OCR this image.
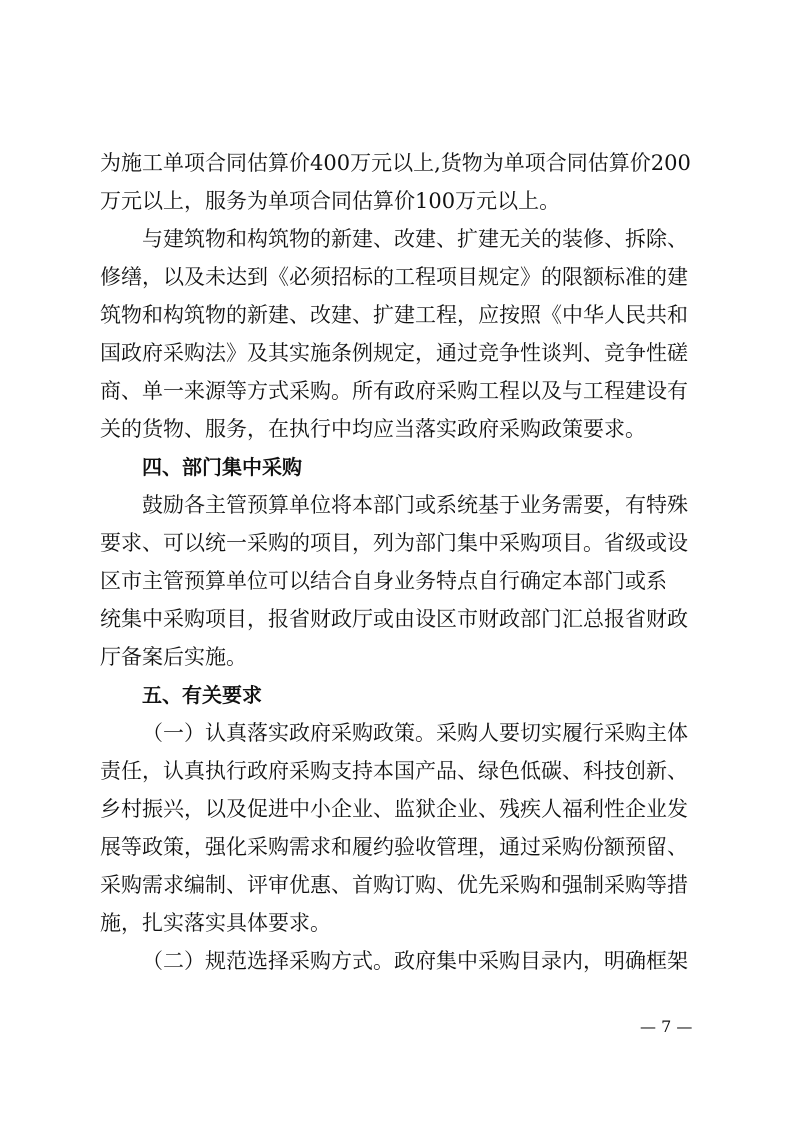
为施工单项合同估算价400万元以上,货物为单项合同估算价200
万元以上，服务为单项合同估算价100万元以上。
与建筑物和构筑物的新建、改建、扩建无关的装修、拆除、
修缮，以及未达到《必须招标的工程项目规定》的限额标准的建
筑物和构筑物的新建、改建、扩建工程，应按照《中华人民共和
国政府采购法》及其实施条例规定，通过竞争性谈判、竞争性磋
商、单一来源等方式采购。所有政府采购工程以及与工程建设有
关的货物、服务，在执行中均应当落实政府采购政策要求。
四、部门集中采购
鼓励各主管预算单位将本部门或系统基于业务需要，有特殊
要求、可以统一采购的项目，列为部门集中采购项目。省级或设
区市主管预算单位可以结合自身业务特点自行确定本部门或系
统集中采购项目，报省财政厅或由设区市财政部门汇总报省财政
厅备案后实施。
五、有关要求
（一）认真落实政府采购政策。采购人要切实履行采购主体
责任，认真执行政府采购支持本国产品、绿色低碳、科技创新、
乡村振兴，以及促进中小企业、监狱企业、残疾人福利性企业发
展等政策，强化采购需求和履约验收管理，通过采购份额预留、
采购需求编制、评审优惠、首购订购、优先采购和强制采购等措
施，扎实落实具体要求。
（二）规范选择采购方式。政府集中采购目录内，明确框架
— 7 —
